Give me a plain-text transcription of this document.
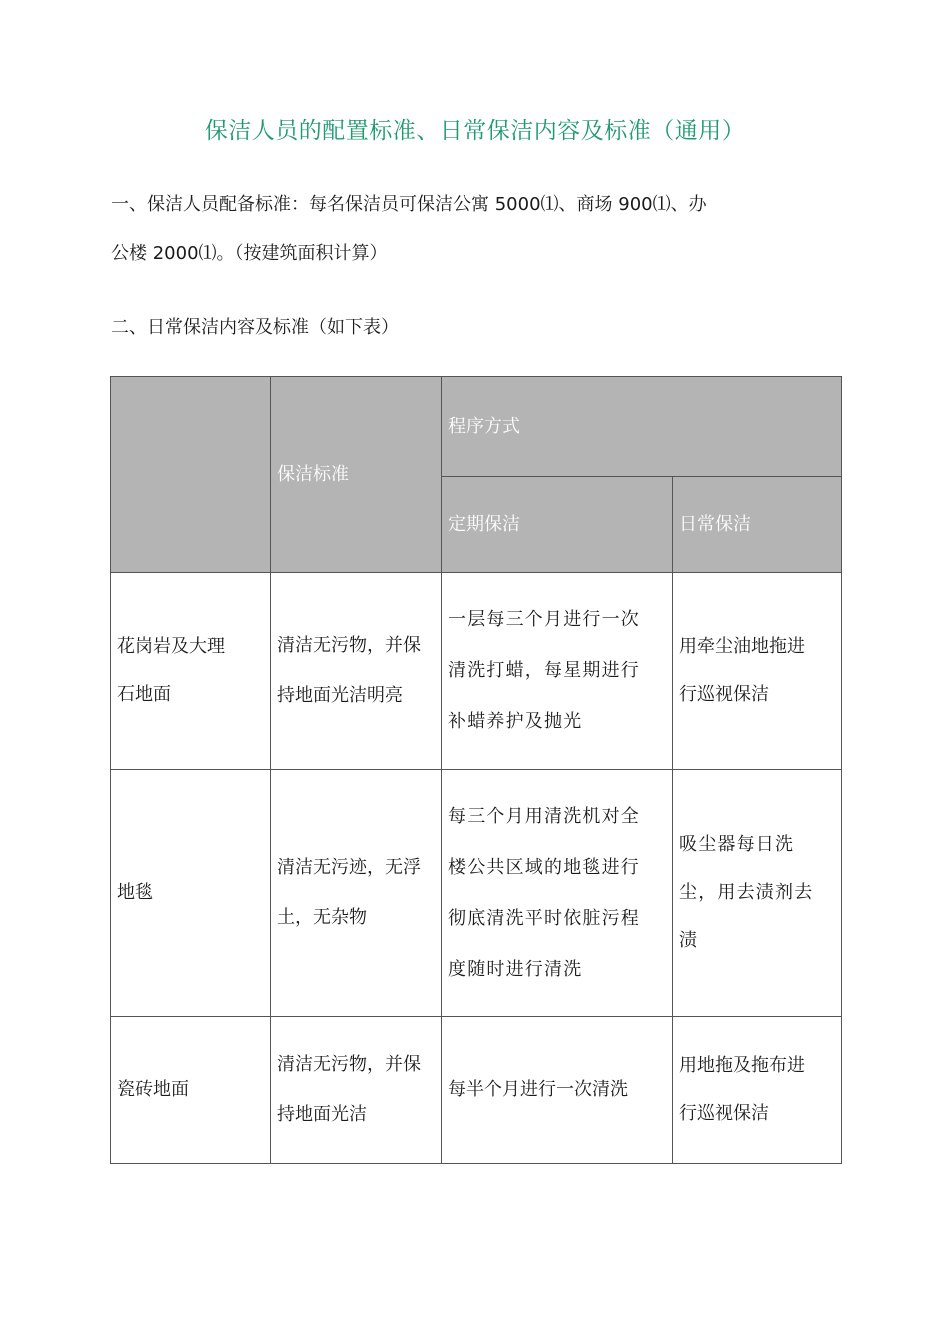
保洁人员的配置标准、日常保洁内容及标准（通用）

一、保洁人员配备标准：每名保洁员可保洁公寓 5000⑴、商场 900⑴、办

公楼 2000⑴。（按建筑面积计算）

二、日常保洁内容及标准（如下表）

	保洁标准	程序方式	
		定期保洁	日常保洁

花岗岩及大理
石地面	清洁无污物，并保
持地面光洁明亮	一层每三个月进行一次
清洗打蜡，每星期进行
补蜡养护及抛光	用牵尘油地拖进
行巡视保洁

地毯	清洁无污迹，无浮
土，无杂物	每三个月用清洗机对全
楼公共区域的地毯进行
彻底清洗平时依脏污程
度随时进行清洗	吸尘器每日洗
尘，用去渍剂去
渍

瓷砖地面	清洁无污物，并保
持地面光洁	每半个月进行一次清洗	用地拖及拖布进
行巡视保洁
